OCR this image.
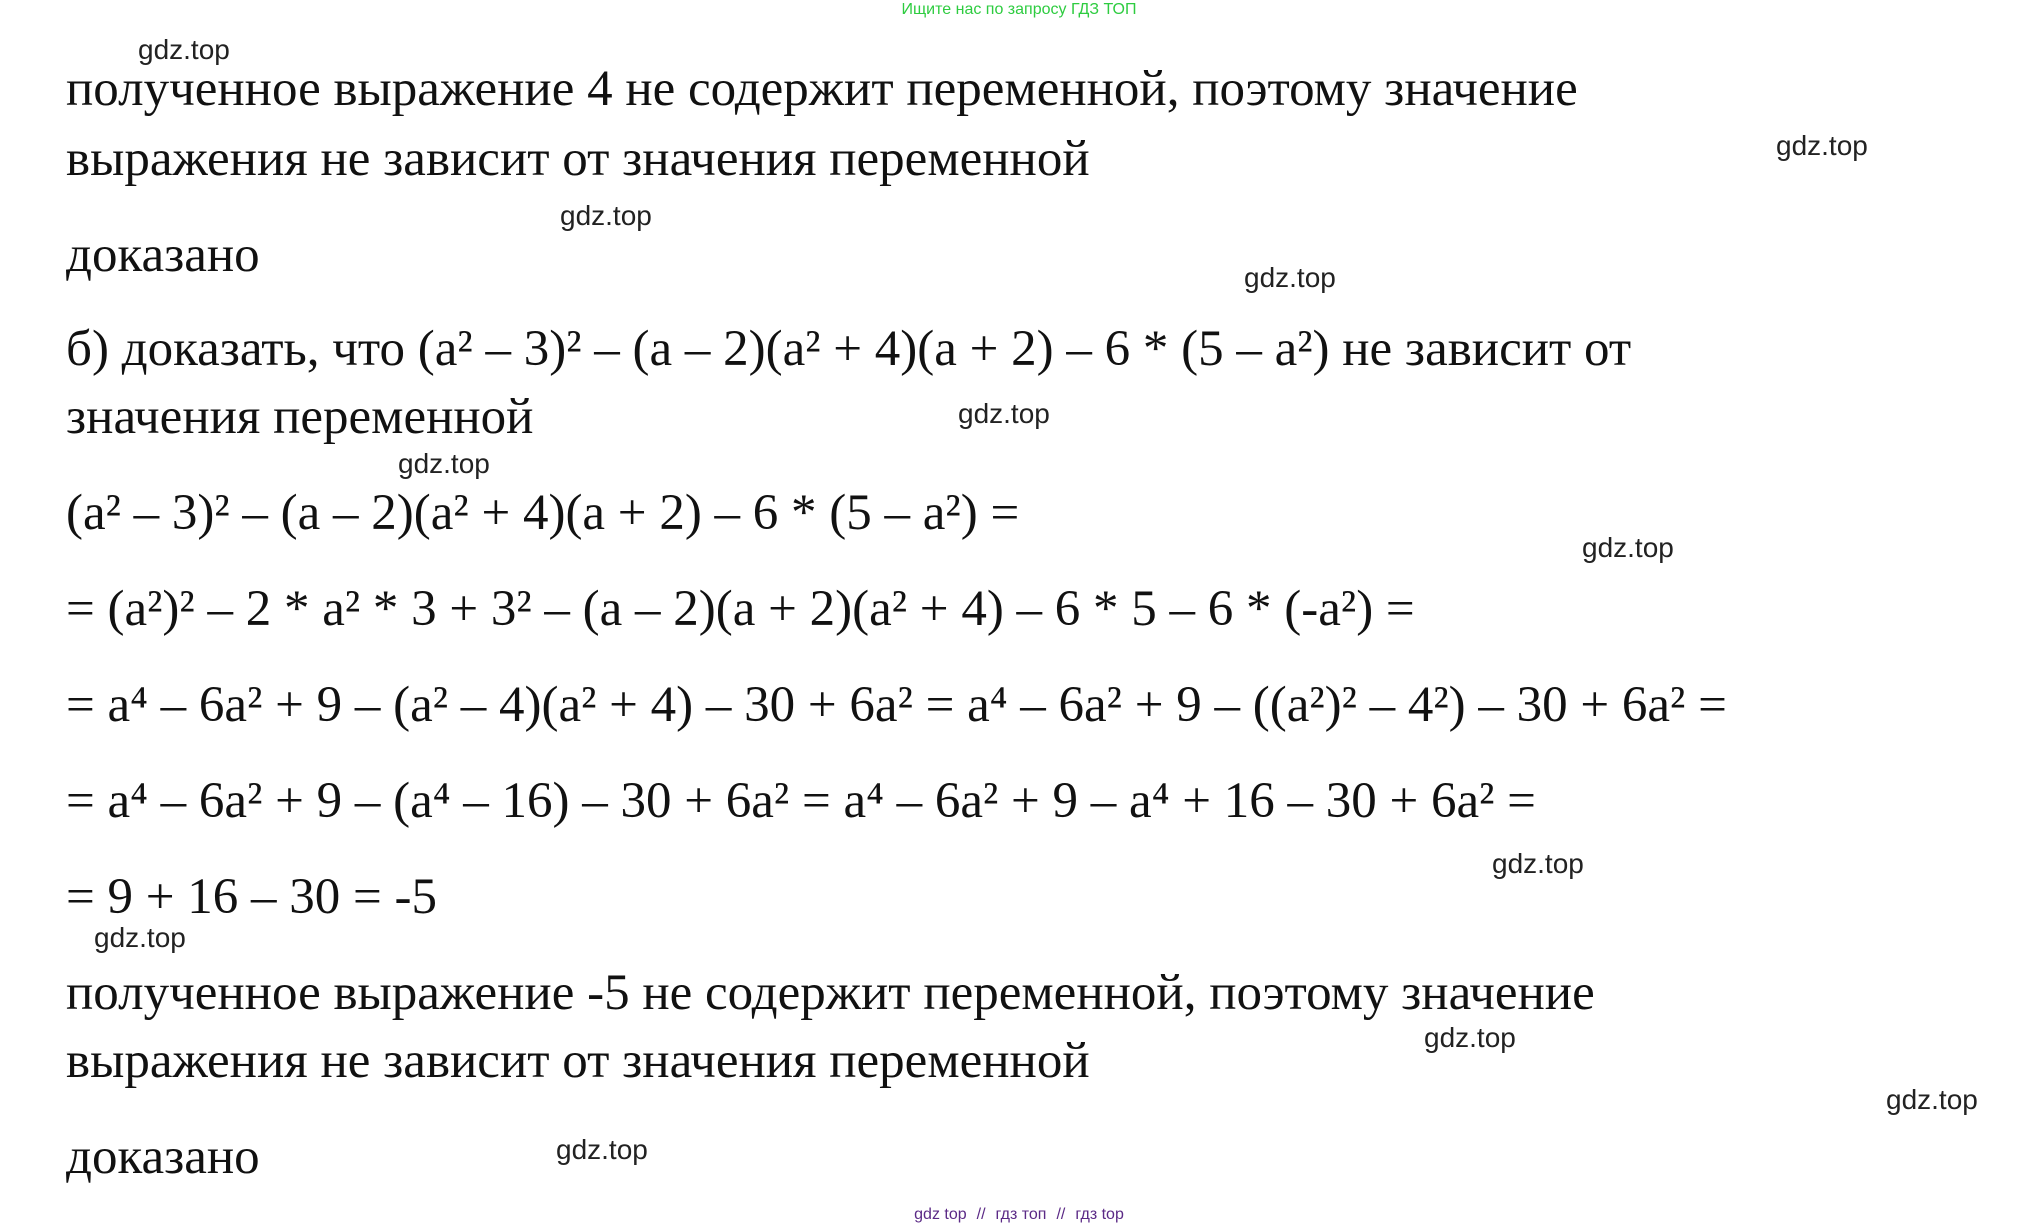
Ищите нас по запросу ГДЗ ТОП
полученное выражение 4 не содержит переменной, поэтому значение
выражения не зависит от значения переменной
доказано
б) доказать, что (a² – 3)² – (a – 2)(a² + 4)(a + 2) – 6 * (5 – a²) не зависит от
значения переменной
(a² – 3)² – (a – 2)(a² + 4)(a + 2) – 6 * (5 – a²) =
= (a²)² – 2 * a² * 3 + 3² – (a – 2)(a + 2)(a² + 4) – 6 * 5 – 6 * (-a²) =
= a⁴ – 6a² + 9 – (a² – 4)(a² + 4) – 30 + 6a² = a⁴ – 6a² + 9 – ((a²)² – 4²) – 30 + 6a² =
= a⁴ – 6a² + 9 – (a⁴ – 16) – 30 + 6a² = a⁴ – 6a² + 9 – a⁴ + 16 – 30 + 6a² =
= 9 + 16 – 30 = -5
полученное выражение -5 не содержит переменной, поэтому значение
выражения не зависит от значения переменной
доказано
gdz.top
gdz.top
gdz.top
gdz.top
gdz.top
gdz.top
gdz.top
gdz.top
gdz.top
gdz.top
gdz.top
gdz.top
gdz top // гдз топ // гдз top
